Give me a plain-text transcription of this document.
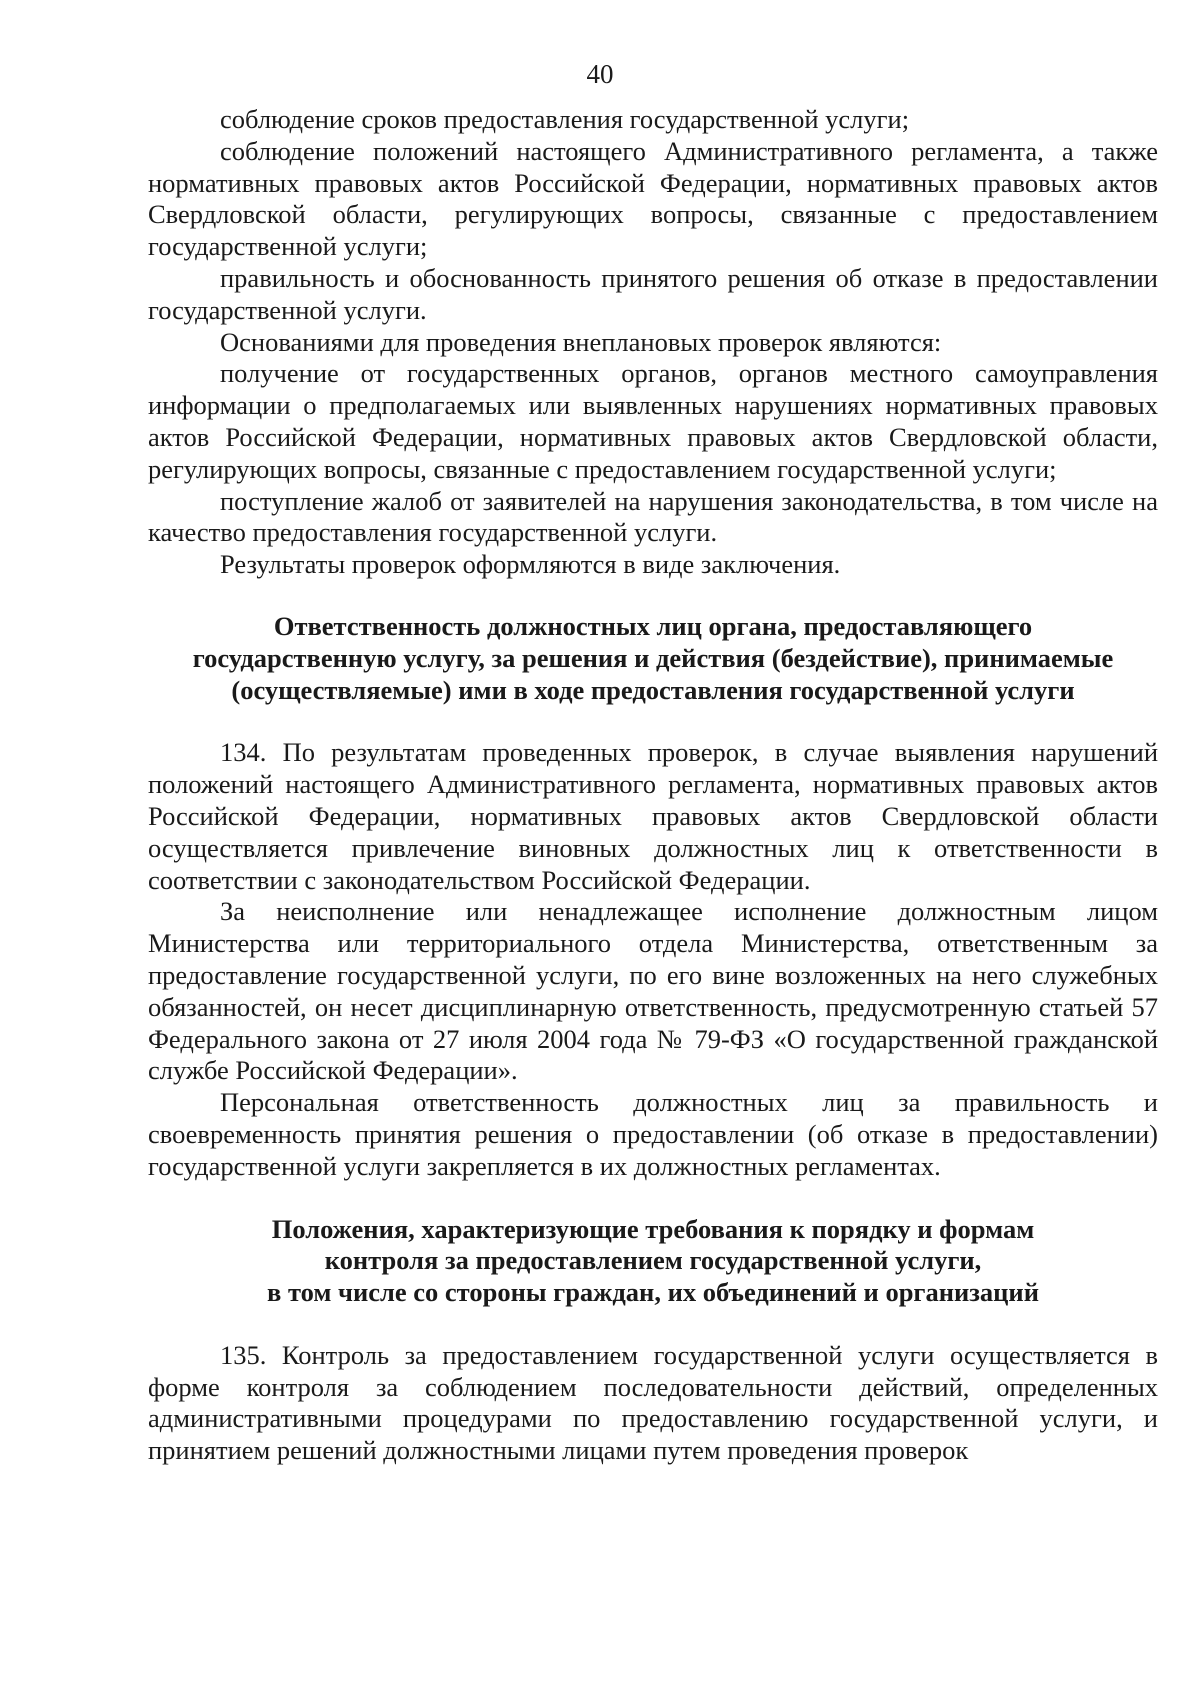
40

соблюдение сроков предоставления государственной услуги;

соблюдение положений настоящего Административного регламента, а также нормативных правовых актов Российской Федерации, нормативных правовых актов Свердловской области, регулирующих вопросы, связанные с предоставлением государственной услуги;

правильность и обоснованность принятого решения об отказе в предоставлении государственной услуги.

Основаниями для проведения внеплановых проверок являются:

получение от государственных органов, органов местного самоуправления информации о предполагаемых или выявленных нарушениях нормативных правовых актов Российской Федерации, нормативных правовых актов Свердловской области, регулирующих вопросы, связанные с предоставлением государственной услуги;

поступление жалоб от заявителей на нарушения законодательства, в том числе на качество предоставления государственной услуги.

Результаты проверок оформляются в виде заключения.

Ответственность должностных лиц органа, предоставляющего
государственную услугу, за решения и действия (бездействие), принимаемые
(осуществляемые) ими в ходе предоставления государственной услуги

134. По результатам проведенных проверок, в случае выявления нарушений положений настоящего Административного регламента, нормативных правовых актов Российской Федерации, нормативных правовых актов Свердловской области осуществляется привлечение виновных должностных лиц к ответственности в соответствии с законодательством Российской Федерации.

За неисполнение или ненадлежащее исполнение должностным лицом Министерства или территориального отдела Министерства, ответственным за предоставление государственной услуги, по его вине возложенных на него служебных обязанностей, он несет дисциплинарную ответственность, предусмотренную статьей 57 Федерального закона от 27 июля 2004 года № 79-ФЗ «О государственной гражданской службе Российской Федерации».

Персональная ответственность должностных лиц за правильность и своевременность принятия решения о предоставлении (об отказе в предоставлении) государственной услуги закрепляется в их должностных регламентах.

Положения, характеризующие требования к порядку и формам
контроля за предоставлением государственной услуги,
в том числе со стороны граждан, их объединений и организаций

135. Контроль за предоставлением государственной услуги осуществляется в форме контроля за соблюдением последовательности действий, определенных административными процедурами по предоставлению государственной услуги, и принятием решений должностными лицами путем проведения проверок
